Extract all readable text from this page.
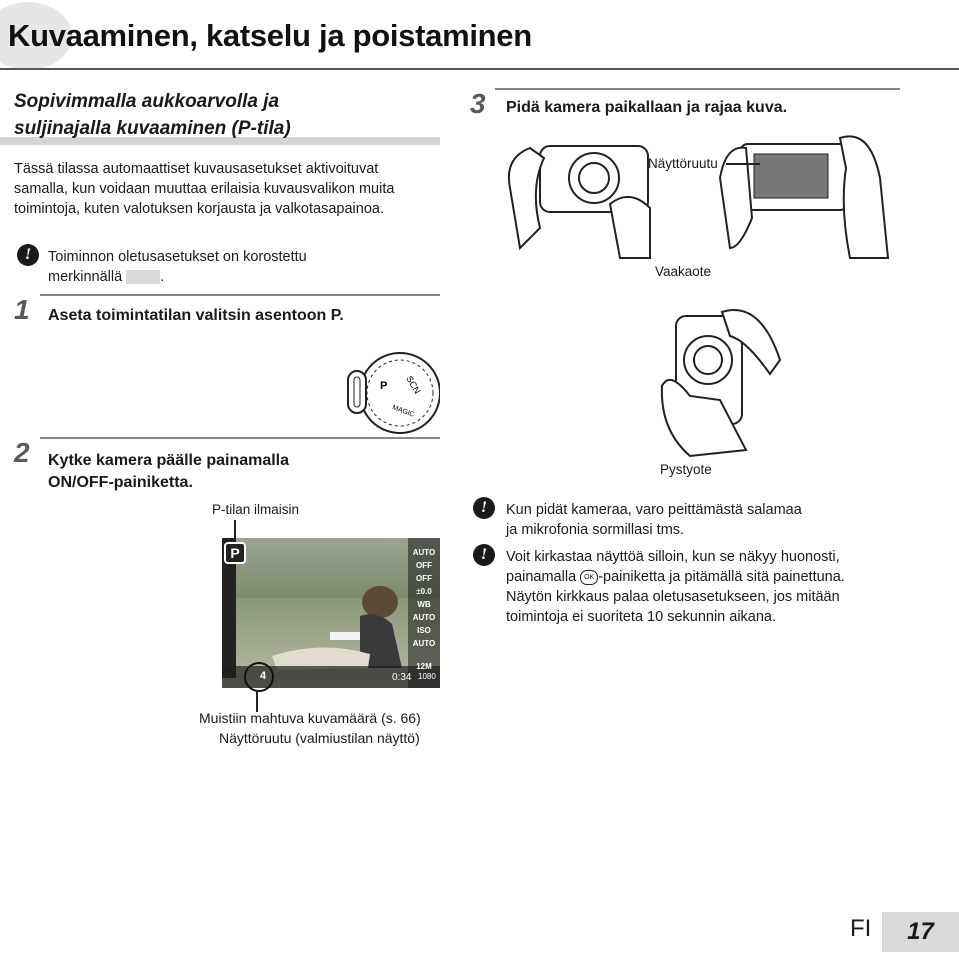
Kuvaaminen, katselu ja poistaminen
Sopivimmalla aukkoarvolla ja
suljinajalla kuvaaminen (P-tila)
Tässä tilassa automaattiset kuvausasetukset aktivoituvat samalla, kun voidaan muuttaa erilaisia kuvausvalikon muita toimintoja, kuten valotuksen korjausta ja valkotasapainoa.
!	Toiminnon oletusasetukset on korostettu
merkinnällä	.
1 Aseta toimintatilan valitsin asentoon P.
P SCN
MAGIC
2 Kytke kamera päälle painamalla
ON/OFF-painiketta.
P-tilan ilmaisin
P	AUTO
OFF
OFF
±0.0
WB AUTO
ISO AUTO
12M
4	0:34 1080
Muistiin mahtuva kuvamäärä (s. 66)
Näyttöruutu (valmiustilan näyttö)
3 Pidä kamera paikallaan ja rajaa kuva.
Näyttöruutu
Vaakaote
Pystyote
!	Kun pidät kameraa, varo peittämästä salamaa
ja mikrofonia sormillasi tms.
!	Voit kirkastaa näyttöä silloin, kun se näkyy huonosti,
painamalla OK -painiketta ja pitämällä sitä painettuna.
Näytön kirkkaus palaa oletusasetukseen, jos mitään
toimintoja ei suoriteta 10 sekunnin aikana.
FI	17
